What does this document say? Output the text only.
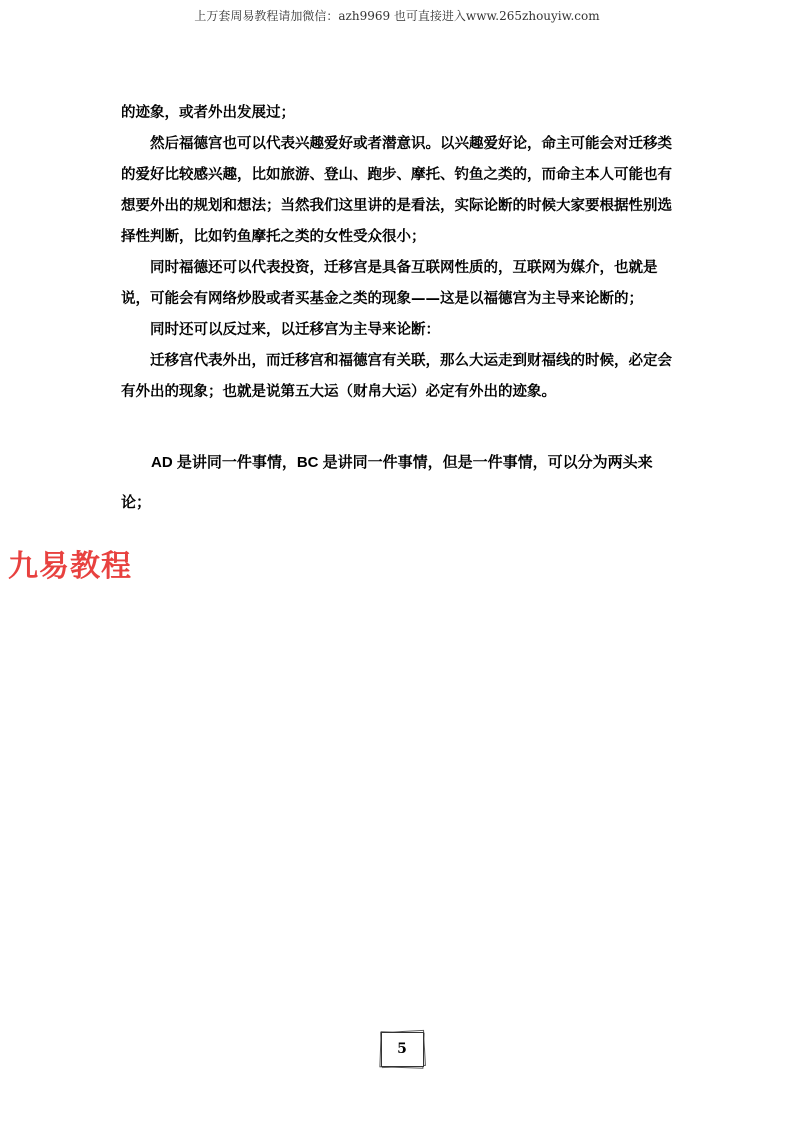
上万套周易教程请加微信：azh9969 也可直接进入www.265zhouyiw.com

的迹象，或者外出发展过；

然后福德宫也可以代表兴趣爱好或者潜意识。以兴趣爱好论，命主可能会对迁移类的爱好比较感兴趣，比如旅游、登山、跑步、摩托、钓鱼之类的，而命主本人可能也有想要外出的规划和想法；当然我们这里讲的是看法，实际论断的时候大家要根据性别选择性判断，比如钓鱼摩托之类的女性受众很小；

同时福德还可以代表投资，迁移宫是具备互联网性质的，互联网为媒介，也就是说，可能会有网络炒股或者买基金之类的现象——这是以福德宫为主导来论断的；

同时还可以反过来，以迁移宫为主导来论断：

迁移宫代表外出，而迁移宫和福德宫有关联，那么大运走到财福线的时候，必定会有外出的现象；也就是说第五大运（财帛大运）必定有外出的迹象。

AD 是讲同一件事情，BC 是讲同一件事情，但是一件事情，可以分为两头来论；

九易教程
5
